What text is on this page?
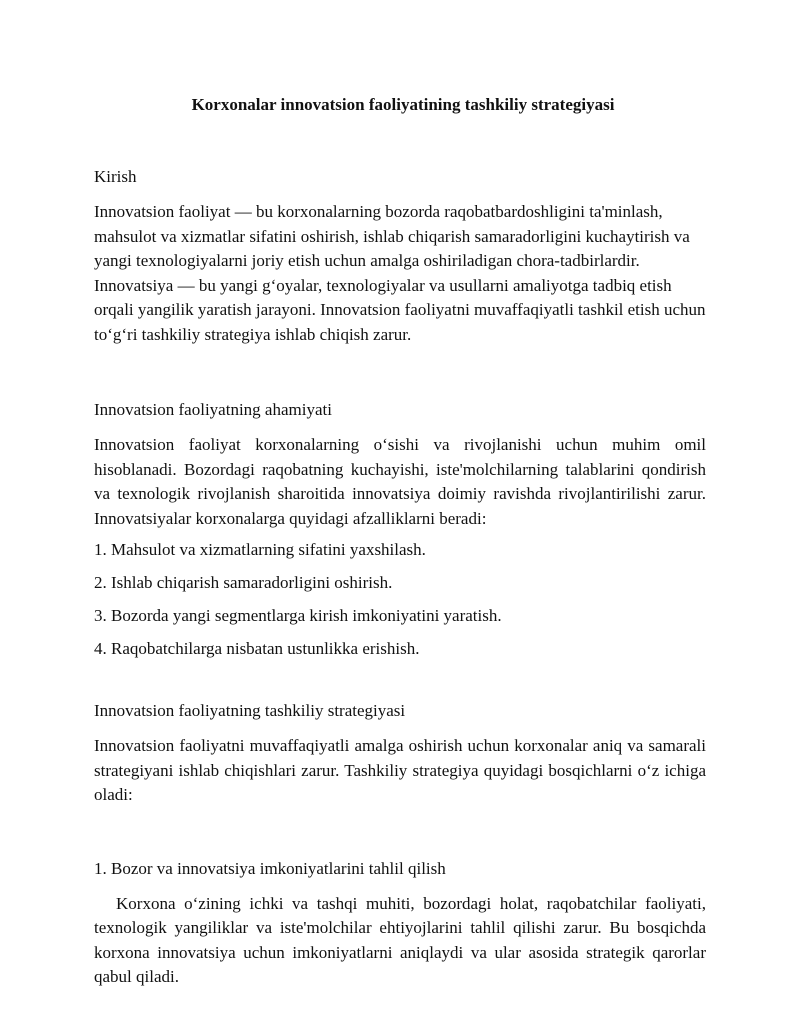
Korxonalar innovatsion faoliyatining tashkiliy strategiyasi

Kirish

Innovatsion faoliyat — bu korxonalarning bozorda raqobatbardoshligini ta'minlash, mahsulot va xizmatlar sifatini oshirish, ishlab chiqarish samaradorligini kuchaytirish va yangi texnologiyalarni joriy etish uchun amalga oshiriladigan chora-tadbirlardir. Innovatsiya — bu yangi g‘oyalar, texnologiyalar va usullarni amaliyotga tadbiq etish orqali yangilik yaratish jarayoni. Innovatsion faoliyatni muvaffaqiyatli tashkil etish uchun to‘g‘ri tashkiliy strategiya ishlab chiqish zarur.

Innovatsion faoliyatning ahamiyati

Innovatsion faoliyat korxonalarning o‘sishi va rivojlanishi uchun muhim omil hisoblanadi. Bozordagi raqobatning kuchayishi, iste'molchilarning talablarini qondirish va texnologik rivojlanish sharoitida innovatsiya doimiy ravishda rivojlantirilishi zarur. Innovatsiyalar korxonalarga quyidagi afzalliklarni beradi:

1. Mahsulot va xizmatlarning sifatini yaxshilash.

2. Ishlab chiqarish samaradorligini oshirish.

3. Bozorda yangi segmentlarga kirish imkoniyatini yaratish.

4. Raqobatchilarga nisbatan ustunlikka erishish.

Innovatsion faoliyatning tashkiliy strategiyasi

Innovatsion faoliyatni muvaffaqiyatli amalga oshirish uchun korxonalar aniq va samarali strategiyani ishlab chiqishlari zarur. Tashkiliy strategiya quyidagi bosqichlarni o‘z ichiga oladi:

1. Bozor va innovatsiya imkoniyatlarini tahlil qilish

Korxona o‘zining ichki va tashqi muhiti, bozordagi holat, raqobatchilar faoliyati, texnologik yangiliklar va iste'molchilar ehtiyojlarini tahlil qilishi zarur. Bu bosqichda korxona innovatsiya uchun imkoniyatlarni aniqlaydi va ular asosida strategik qarorlar qabul qiladi.
